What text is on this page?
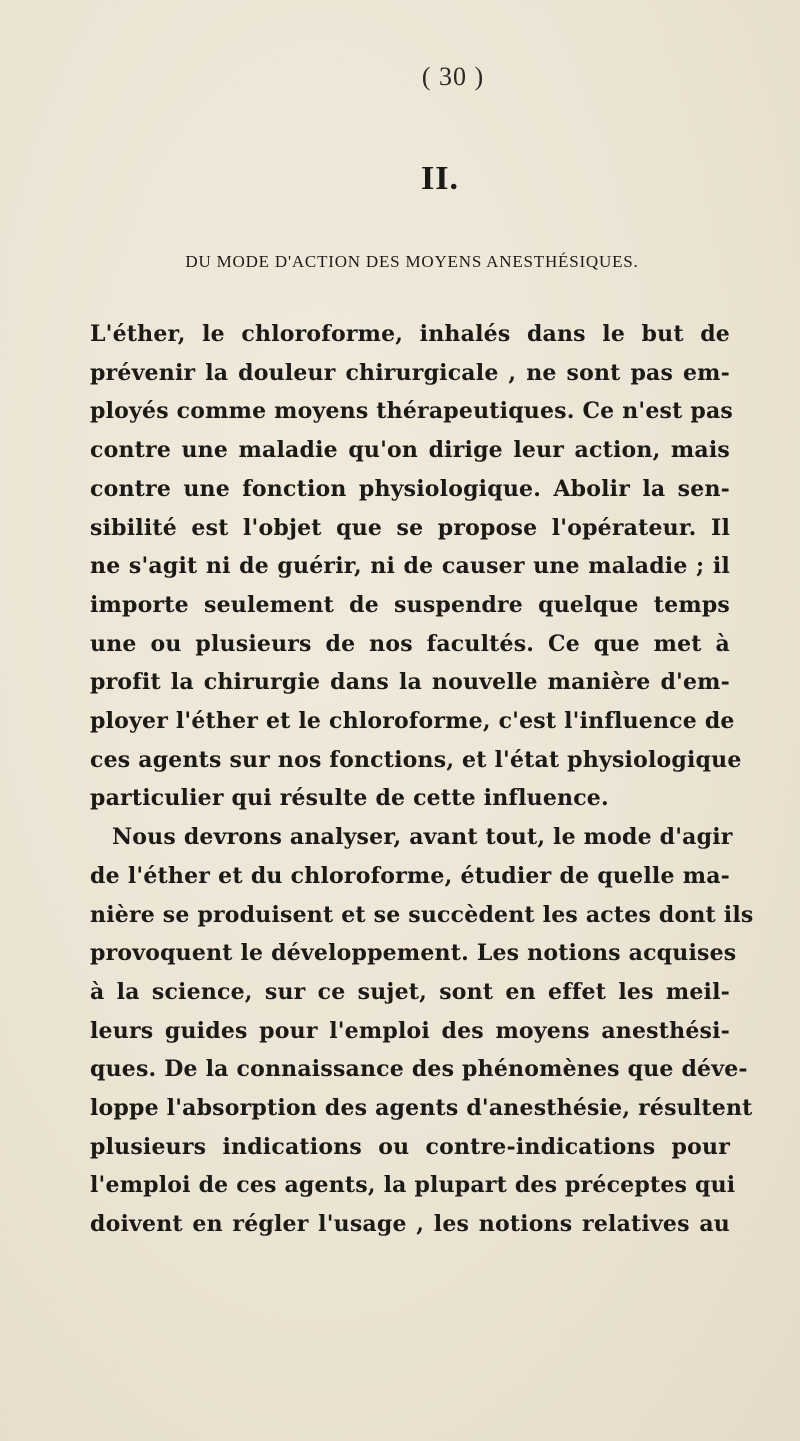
( 30 )
II.
DU MODE D'ACTION DES MOYENS ANESTHÉSIQUES.
L'éther, le chloroforme, inhalés dans le but de
prévenir la douleur chirurgicale , ne sont pas em-
ployés comme moyens thérapeutiques. Ce n'est pas
contre une maladie qu'on dirige leur action, mais
contre une fonction physiologique. Abolir la sen-
sibilité est l'objet que se propose l'opérateur. Il
ne s'agit ni de guérir, ni de causer une maladie ; il
importe seulement de suspendre quelque temps
une ou plusieurs de nos facultés. Ce que met à
profit la chirurgie dans la nouvelle manière d'em-
ployer l'éther et le chloroforme, c'est l'influence de
ces agents sur nos fonctions, et l'état physiologique
particulier qui résulte de cette influence.
Nous devrons analyser, avant tout, le mode d'agir
de l'éther et du chloroforme, étudier de quelle ma-
nière se produisent et se succèdent les actes dont ils
provoquent le développement. Les notions acquises
à la science, sur ce sujet, sont en effet les meil-
leurs guides pour l'emploi des moyens anesthési-
ques. De la connaissance des phénomènes que déve-
loppe l'absorption des agents d'anesthésie, résultent
plusieurs indications ou contre-indications pour
l'emploi de ces agents, la plupart des préceptes qui
doivent en régler l'usage , les notions relatives au
